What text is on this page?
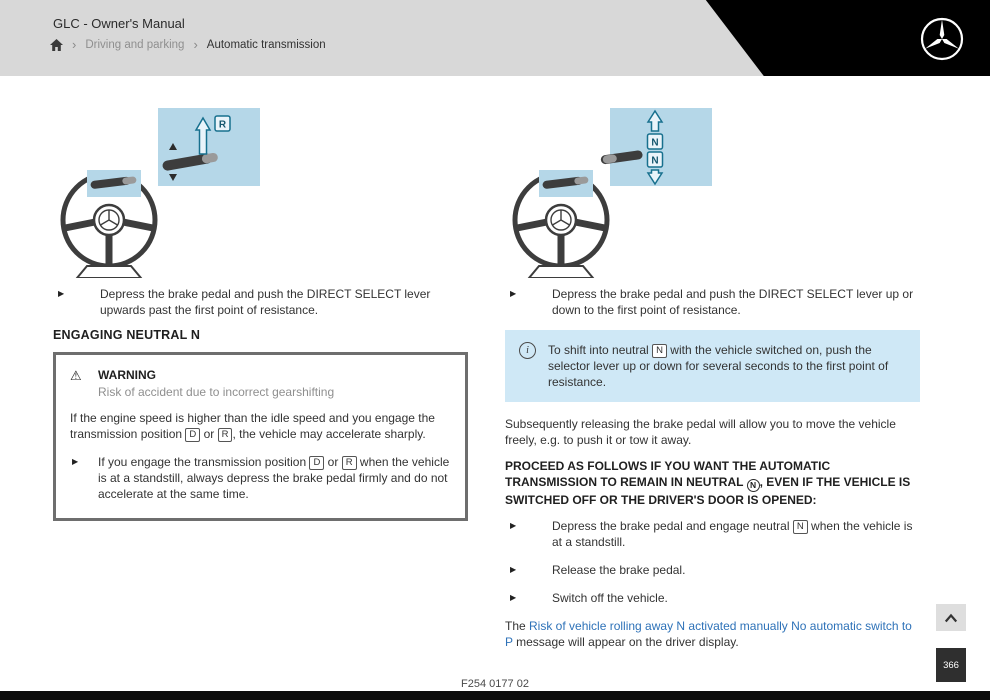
GLC - Owner's Manual
› Driving and parking › Automatic transmission
R
▶	Depress the brake pedal and push the DIRECT SELECT lever upwards past the first point of resistance.

ENGAGING NEUTRAL N
⚠	WARNING
Risk of accident due to incorrect gearshifting

If the engine speed is higher than the idle speed and you engage the transmission position D or R , the vehicle may accelerate sharply.

▶	If you engage the transmission position D or R when the vehicle is at a standstill, always depress the brake pedal firmly and do not accelerate at the same time.

N
N
▶	Depress the brake pedal and push the DIRECT SELECT lever up or down to the first point of resistance.

i	To shift into neutral N with the vehicle switched on, push the selector lever up or down for several seconds to the first point of resistance.

Subsequently releasing the brake pedal will allow you to move the vehicle freely, e.g. to push it or tow it away.

PROCEED AS FOLLOWS IF YOU WANT THE AUTOMATIC TRANSMISSION TO REMAIN IN NEUTRAL N , EVEN IF THE VEHICLE IS SWITCHED OFF OR THE DRIVER'S DOOR IS OPENED:
▶	Depress the brake pedal and engage neutral N when the vehicle is at a standstill.

▶	Release the brake pedal.

▶	Switch off the vehicle.

The Risk of vehicle rolling away N activated manually No automatic switch to P message will appear on the driver display.

F254 0177 02
366
